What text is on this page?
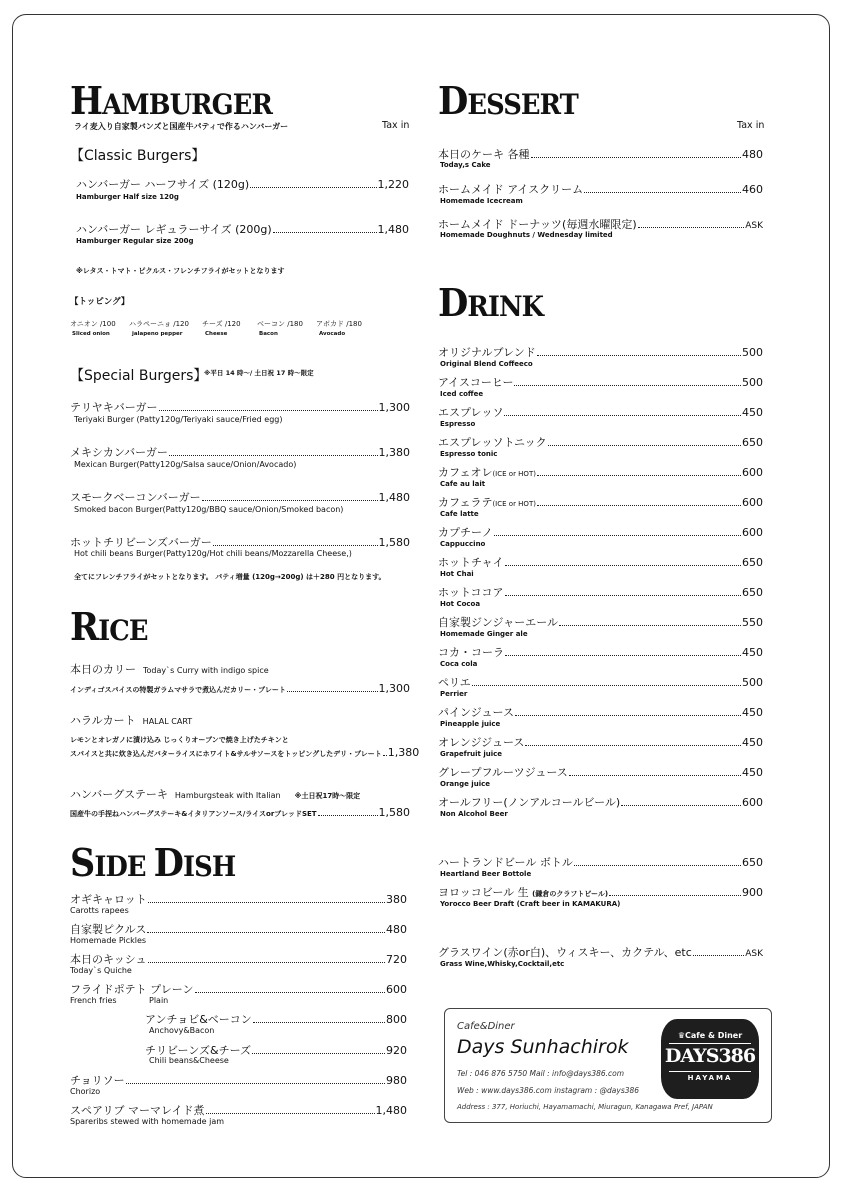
HAMBURGER
ライ麦入り自家製バンズと国産牛パティで作るハンバーガー	Tax in
【Classic Burgers】
ハンバーガー ハーフサイズ (120g)	1,220
Hamburger Half size 120g
ハンバーガー レギュラーサイズ (200g)	1,480
Hamburger Regular size 200g
※レタス・トマト・ピクルス・フレンチフライがセットとなります
【トッピング】
オニオン /100
Sliced onion
ハラペーニョ /120
jalapeno pepper
チーズ /120
Cheese
ベーコン /180
Bacon
アボカド /180
Avocado
【Special Burgers】
※平日 14 時～/ 土日祝 17 時～限定
テリヤキバーガー	1,300
Teriyaki Burger (Patty120g/Teriyaki sauce/Fried egg)
メキシカンバーガー	1,380
Mexican Burger(Patty120g/Salsa sauce/Onion/Avocado)
スモークベーコンバーガー	1,480
Smoked bacon Burger(Patty120g/BBQ sauce/Onion/Smoked bacon)
ホットチリビーンズバーガー	1,580
Hot chili beans Burger(Patty120g/Hot chili beans/Mozzarella Cheese,)
全てにフレンチフライがセットとなります。 パティ増量 (120g→200g) は＋280 円となります。
RICE
本日のカリー Today`s Curry with indigo spice
インディゴスパイスの特製ガラムマサラで煮込んだカリー・プレート	1,300
ハラルカート HALAL CART
レモンとオレガノに漬け込み じっくりオーブンで焼き上げたチキンと
スパイスと共に炊き込んだバターライスにホワイト&サルサソースをトッピングしたデリ・プレート 1,380
ハンバーグステーキ Hamburgsteak with Italian ※土日祝17時～限定
国産牛の手捏ねハンバーグステーキ&イタリアンソース/ライスorブレッドSET	1,580
SIDE DISH
オギキャロット	380
Carotts rapees
自家製ピクルス	480
Homemade Pickles
本日のキッシュ	720
Today`s Quiche
フライドポテト プレーン	600
French fries	Plain
アンチョビ&ベーコン	800
Anchovy&Bacon
チリビーンズ&チーズ	920
Chili beans&Cheese
チョリソー	980
Chorizo
スペアリブ マーマレイド煮	1,480
Spareribs stewed with homemade jam
DESSERT
Tax in
本日のケーキ 各種	480
Today,s Cake
ホームメイド アイスクリーム	460
Homemade Icecream
ホームメイド ドーナッツ(毎週水曜限定)	ASK
Homemade Doughnuts / Wednesday limited
DRINK
オリジナルブレンド	500
Original Blend Coffeeco
アイスコーヒー	500
Iced coffee
エスプレッソ	450
Espresso
エスプレッソトニック	650
Espresso tonic
カフェオレ(ICE or HOT)	600
Cafe au lait
カフェラテ(ICE or HOT)	600
Cafe latte
カプチーノ	600
Cappuccino
ホットチャイ	650
Hot Chai
ホットココア	650
Hot Cocoa
自家製ジンジャーエール	550
Homemade Ginger ale
コカ・コーラ	450
Coca cola
ペリエ	500
Perrier
パインジュース	450
Pineapple juice
オレンジジュース	450
Grapefruit juice
グレープフルーツジュース	450
Orange juice
オールフリー(ノンアルコールビール)	600
Non Alcohol Beer
ハートランドビール ボトル	650
Heartland Beer Bottole
ヨロッコビール 生 (鎌倉のクラフトビール)	900
Yorocco Beer Draft (Craft beer in KAMAKURA)
グラスワイン(赤or白)、ウィスキー、カクテル、etc	ASK
Grass Wine,Whisky,Cocktail,etc
Cafe&Diner
Days Sunhachirok
Tel : 046 876 5750 Mail : info@days386.com
Web : www.days386.com instagram : @days386
Address : 377, Horiuchi, Hayamamachi, Miuragun, Kanagawa Pref, JAPAN
♛Cafe & Diner
DAYS386
HAYAMA
